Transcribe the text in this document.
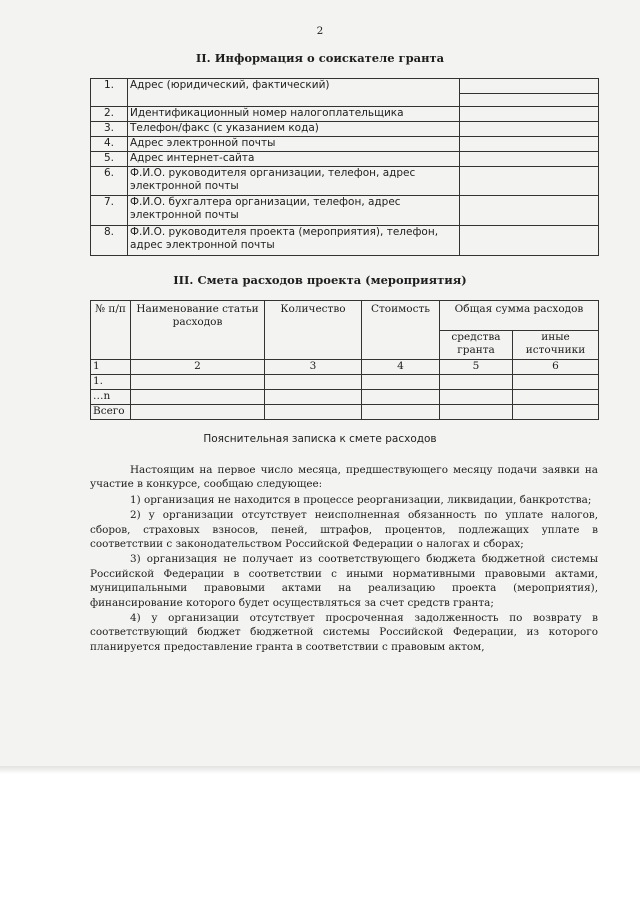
2
II. Информация о соискателе гранта
1.	Адрес (юридический, фактический)	

2.	Идентификационный номер налогоплательщика	
3.	Телефон/факс (с указанием кода)	
4.	Адрес электронной почты	
5.	Адрес интернет-сайта	
6.	Ф.И.О. руководителя организации, телефон, адрес электронной почты	
7.	Ф.И.О. бухгалтера организации, телефон, адрес электронной почты	
8.	Ф.И.О. руководителя проекта (мероприятия), телефон, адрес электронной почты	
III. Смета расходов проекта (мероприятия)
№ п/п	Наименование статьи расходов	Количество	Стоимость	Общая сумма расходов	
				средства гранта	иные источники
1	2	3	4	5	6
1.					
…n					
Всего					
Пояснительная записка к смете расходов

Настоящим на первое число месяца, предшествующего месяцу подачи заявки на участие в конкурсе, сообщаю следующее:

1) организация не находится в процессе реорганизации, ликвидации, банкротства;

2) у организации отсутствует неисполненная обязанность по уплате налогов, сборов, страховых взносов, пеней, штрафов, процентов, подлежащих уплате в соответствии с законодательством Российской Федерации о налогах и сборах;

3) организация не получает из соответствующего бюджета бюджетной системы Российской Федерации в соответствии с иными нормативными правовыми актами, муниципальными правовыми актами на реализацию проекта (мероприятия), финансирование которого будет осуществляться за счет средств гранта;

4) у организации отсутствует просроченная задолженность по возврату в соответствующий бюджет бюджетной системы Российской Федерации, из которого планируется предоставление гранта в соответствии с правовым актом,
